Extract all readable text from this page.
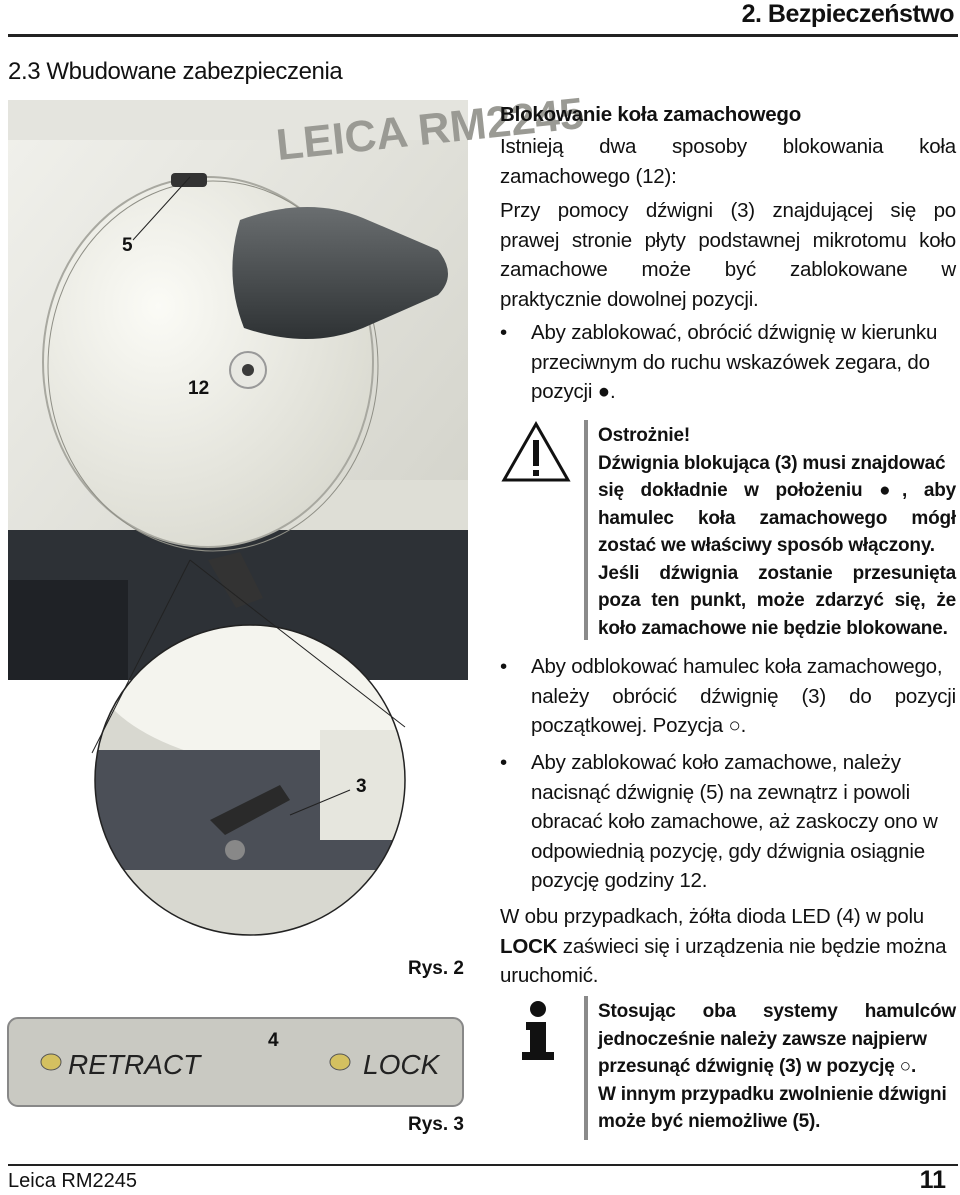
2. Bezpieczeństwo
2.3 Wbudowane zabezpieczenia
LEICA RM2245
5
12
3
Rys. 2
RETRACT	LOCK
4
Rys. 3
Blokowanie koła zamachowego
Istnieją dwa sposoby blokowania koła
zamachowego (12):
Przy pomocy dźwigni (3) znajdującej się po
prawej stronie płyty podstawnej mikrotomu koło
zamachowe może być zablokowane w
praktycznie dowolnej pozycji.
• Aby zablokować, obrócić dźwignię w kierunku
przeciwnym do ruchu wskazówek zegara, do
pozycji ●.
Ostrożnie!
Dźwignia blokująca (3) musi znajdować
się dokładnie w położeniu ●, aby
hamulec koła zamachowego mógł
zostać we właściwy sposób włączony.
Jeśli dźwignia zostanie przesunięta
poza ten punkt, może zdarzyć się, że
koło zamachowe nie będzie blokowane.
• Aby odblokować hamulec koła zamachowego,
należy obrócić dźwignię (3) do pozycji
początkowej. Pozycja ○.
• Aby zablokować koło zamachowe, należy
nacisnąć dźwignię (5) na zewnątrz i powoli
obracać koło zamachowe, aż zaskoczy ono w
odpowiednią pozycję, gdy dźwignia osiągnie
pozycję godziny 12.
W obu przypadkach, żółta dioda LED (4) w polu
LOCK zaświeci się i urządzenia nie będzie można
uruchomić.
Stosując oba systemy hamulców
jednocześnie należy zawsze najpierw
przesunąć dźwignię (3) w pozycję ○.
W innym przypadku zwolnienie dźwigni
może być niemożliwe (5).
Leica RM2245	11
